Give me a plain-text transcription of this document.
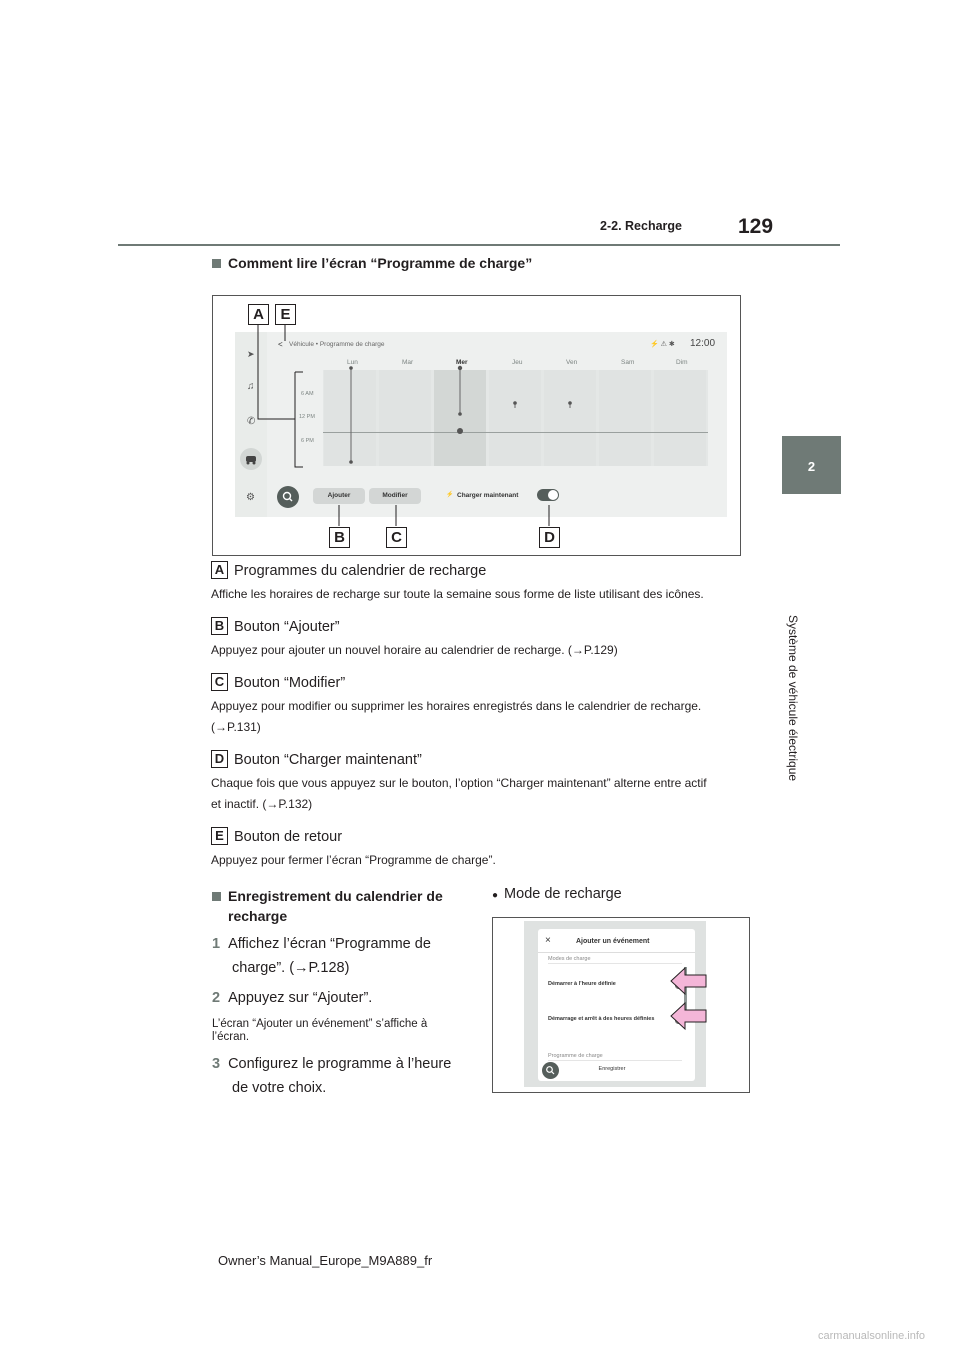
2-2. Recharge	129
2
Système de véhicule électrique
Comment lire l’écran “Programme de charge”
➤
♫
✆
⚙
< Véhicule • Programme de charge	⚡ ⚠ ✱ 12:00
Lun	Mar	Mer	Jeu	Ven	Sam	Dim
6 AM
12 PM
6 PM
Ajouter	Modifier	⚡ Charger maintenant
A	E
B	C	D
A Programmes du calendrier de recharge
Affiche les horaires de recharge sur toute la semaine sous forme de liste utilisant des icônes.
B Bouton “Ajouter”
Appuyez pour ajouter un nouvel horaire au calendrier de recharge. (→P.129)
C Bouton “Modifier”
Appuyez pour modifier ou supprimer les horaires enregistrés dans le calendrier de recharge.
(→P.131)
D Bouton “Charger maintenant”
Chaque fois que vous appuyez sur le bouton, l’option “Charger maintenant” alterne entre actif
et inactif. (→P.132)
E Bouton de retour
Appuyez pour fermer l’écran “Programme de charge”.
Enregistrement du calendrier de
recharge
1 Affichez l’écran “Programme de
charge”. (→P.128)
2 Appuyez sur “Ajouter”.
L’écran “Ajouter un événement” s’affiche à
l’écran.
3 Configurez le programme à l’heure
de votre choix.
● Mode de recharge
×	Ajouter un événement
Modes de charge
Démarrer à l’heure définie
Démarrage et arrêt à des heures définies
Programme de charge
Enregistrer
Owner’s Manual_Europe_M9A889_fr
carmanualsonline.info
